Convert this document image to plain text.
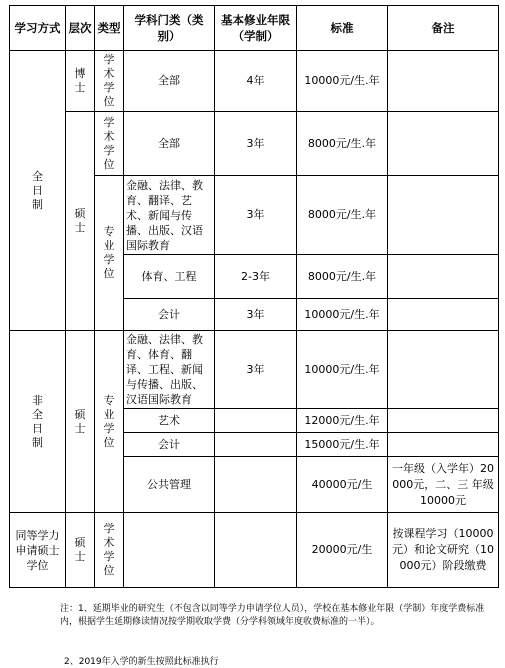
学习方式	层次	类型	学科门类（类别）	基本修业年限（学制）	标准	备注

全日制	博士	学术学位	全部	4年	10000元/生.年	

	硕士	学术学位	全部	3年	8000元/生.年	

		专业学位	金融、法律、教育、翻译、艺术、新闻与传播、出版、汉语国际教育	3年	8000元/生.年	
			体育、工程	2-3年	8000元/生.年	
			会计	3年	10000元/生.年	

非全日制	硕士	专业学位	金融、法律、教育、体育、翻译、工程、新闻与传播、出版、汉语国际教育	3年	10000元/生.年	
			艺术		12000元/生.年	
			会计		15000元/生.年	
			公共管理		40000元/生	一年级（入学年）20000元，二、三 年级10000元
同等学力申请硕士学位	硕士	学术学位			20000元/生	按课程学习（10000元）和论文研究（10000元）阶段缴费
注：1、延期毕业的研究生（不包含以同等学力申请学位人员），学校在基本修业年限（学制）年度学费标准内，根据学生延期修读情况按学期收取学费（分学科领域年度收费标准的一半）。
2、2019年入学的新生按照此标准执行
